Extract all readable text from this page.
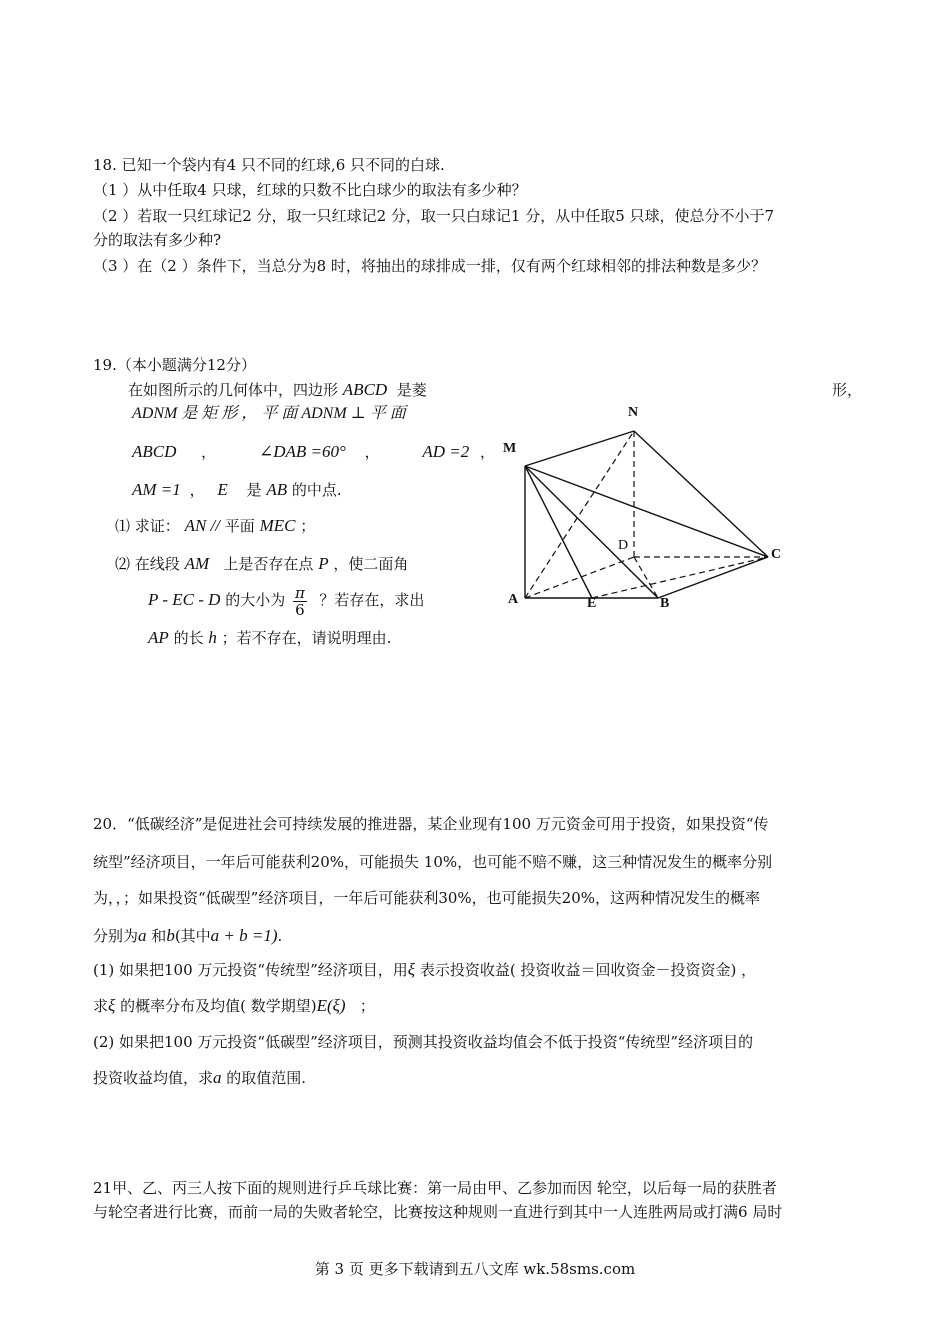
18. 已知一个袋内有4 只不同的红球,6 只不同的白球.
（1 ）从中任取4 只球，红球的只数不比白球少的取法有多少种？
（2 ）若取一只红球记2 分，取一只红球记2 分，取一只白球记1 分，从中任取5 只球，使总分不小于7
分的取法有多少种?
（3 ）在（2 ）条件下，当总分为8 时，将抽出的球排成一排，仅有两个红球相邻的排法种数是多少？
19.（本小题满分12分）
在如图所示的几何体中，四边形 ABCD 是菱	形，
ADNM 是 矩 形 ， 平 面 ADNM ⊥ 平 面
ABCD ，	∠DAB =60° ，	AD =2 ，
AM =1 ， E 是 AB 的中点.
⑴ 求证： AN // 平面 MEC ；
⑵ 在线段 AM 上是否存在点 P ，使二面角
P - EC - D 的大小为 $\frac{\pi}{6}$ ？若存在，求出
AP 的长 h ；若不存在，请说明理由.
N
M
D
C
A	E	B
20．“低碳经济”是促进社会可持续发展的推进器，某企业现有100 万元资金可用于投资，如果投资“传
统型”经济项目，一年后可能获利20%，可能损失 10%，也可能不赔不赚，这三种情况发生的概率分别
为，，；如果投资“低碳型”经济项目，一年后可能获利30%，也可能损失20%，这两种情况发生的概率
分别为a 和b(其中a + b =1).
(1) 如果把100 万元投资“传统型”经济项目，用ξ 表示投资收益( 投资收益＝回收资金－投资资金) ，
求ξ 的概率分布及均值( 数学期望)E(ξ) ；
(2) 如果把100 万元投资“低碳型”经济项目，预测其投资收益均值会不低于投资“传统型”经济项目的
投资收益均值，求a 的取值范围.
21甲、乙、丙三人按下面的规则进行乒乓球比赛：第一局由甲、乙参加而因 轮空，以后每一局的获胜者
与轮空者进行比赛，而前一局的失败者轮空，比赛按这种规则一直进行到其中一人连胜两局或打满6 局时
第 3 页 更多下载请到五八文库 wk.58sms.com
